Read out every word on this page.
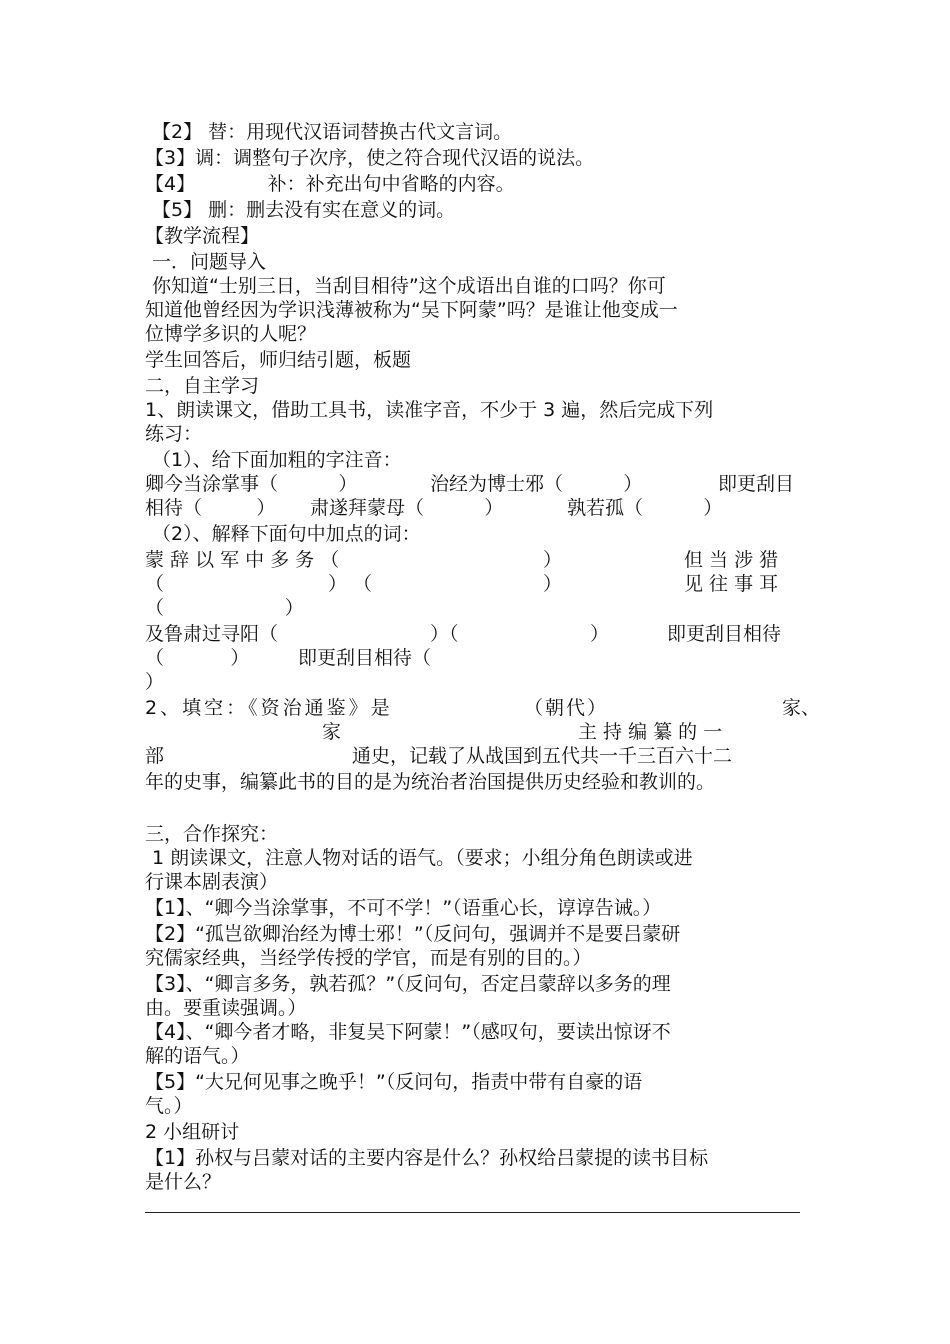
【2】 替：用现代汉语词替换古代文言词。

【3】调：调整句子次序，使之符合现代汉语的说法。

【4】            补：补充出句中省略的内容。

【5】 删：删去没有实在意义的词。

【教学流程】

一．问题导入

你知道“士别三日，当刮目相待”这个成语出自谁的口吗？你可

知道他曾经因为学识浅薄被称为“吴下阿蒙”吗？是谁让他变成一

位博学多识的人呢？

学生回答后，师归结引题，板题

二，自主学习

1、朗读课文，借助工具书，读准字音，不少于 3 遍，然后完成下列

练习：

（1）、给下面加粗的字注音：

卿今当涂掌事（          ）	治经为博士邪（          ）	即更刮目
相待（         ） 肃遂拜蒙母（          ）	孰若孤（          ）

（2）、解释下面句中加点的词：

蒙 辞 以 军 中 多 务 （	）	但 当 涉 猎
（	） （	）	见 往 事 耳
（                    ）
及鲁肃过寻阳（	）（	）	即更刮目相待
（           ）	即更刮目相待（
）
2、填空：《资治通鉴》是	（朝代）	家、
家	主 持 编 纂 的 一
部	通史，记载了从战国到五代共一千三百六十二

年的史事，编纂此书的目的是为统治者治国提供历史经验和教训的。

三，合作探究：

1 朗读课文，注意人物对话的语气。（要求；小组分角色朗读或进

行课本剧表演）

【1】、“卿今当涂掌事，不可不学！”（语重心长，谆谆告诫。）

【2】“孤岂欲卿治经为博士邪！”（反问句，强调并不是要吕蒙研

究儒家经典，当经学传授的学官，而是有别的目的。）

【3】、“卿言多务，孰若孤？”（反问句，否定吕蒙辞以多务的理

由。要重读强调。）

【4】、“卿今者才略，非复吴下阿蒙！”（感叹句，要读出惊讶不

解的语气。）

【5】“大兄何见事之晚乎！”（反问句，指责中带有自豪的语

气。）

2 小组研讨

【1】孙权与吕蒙对话的主要内容是什么？孙权给吕蒙提的读书目标

是什么？
